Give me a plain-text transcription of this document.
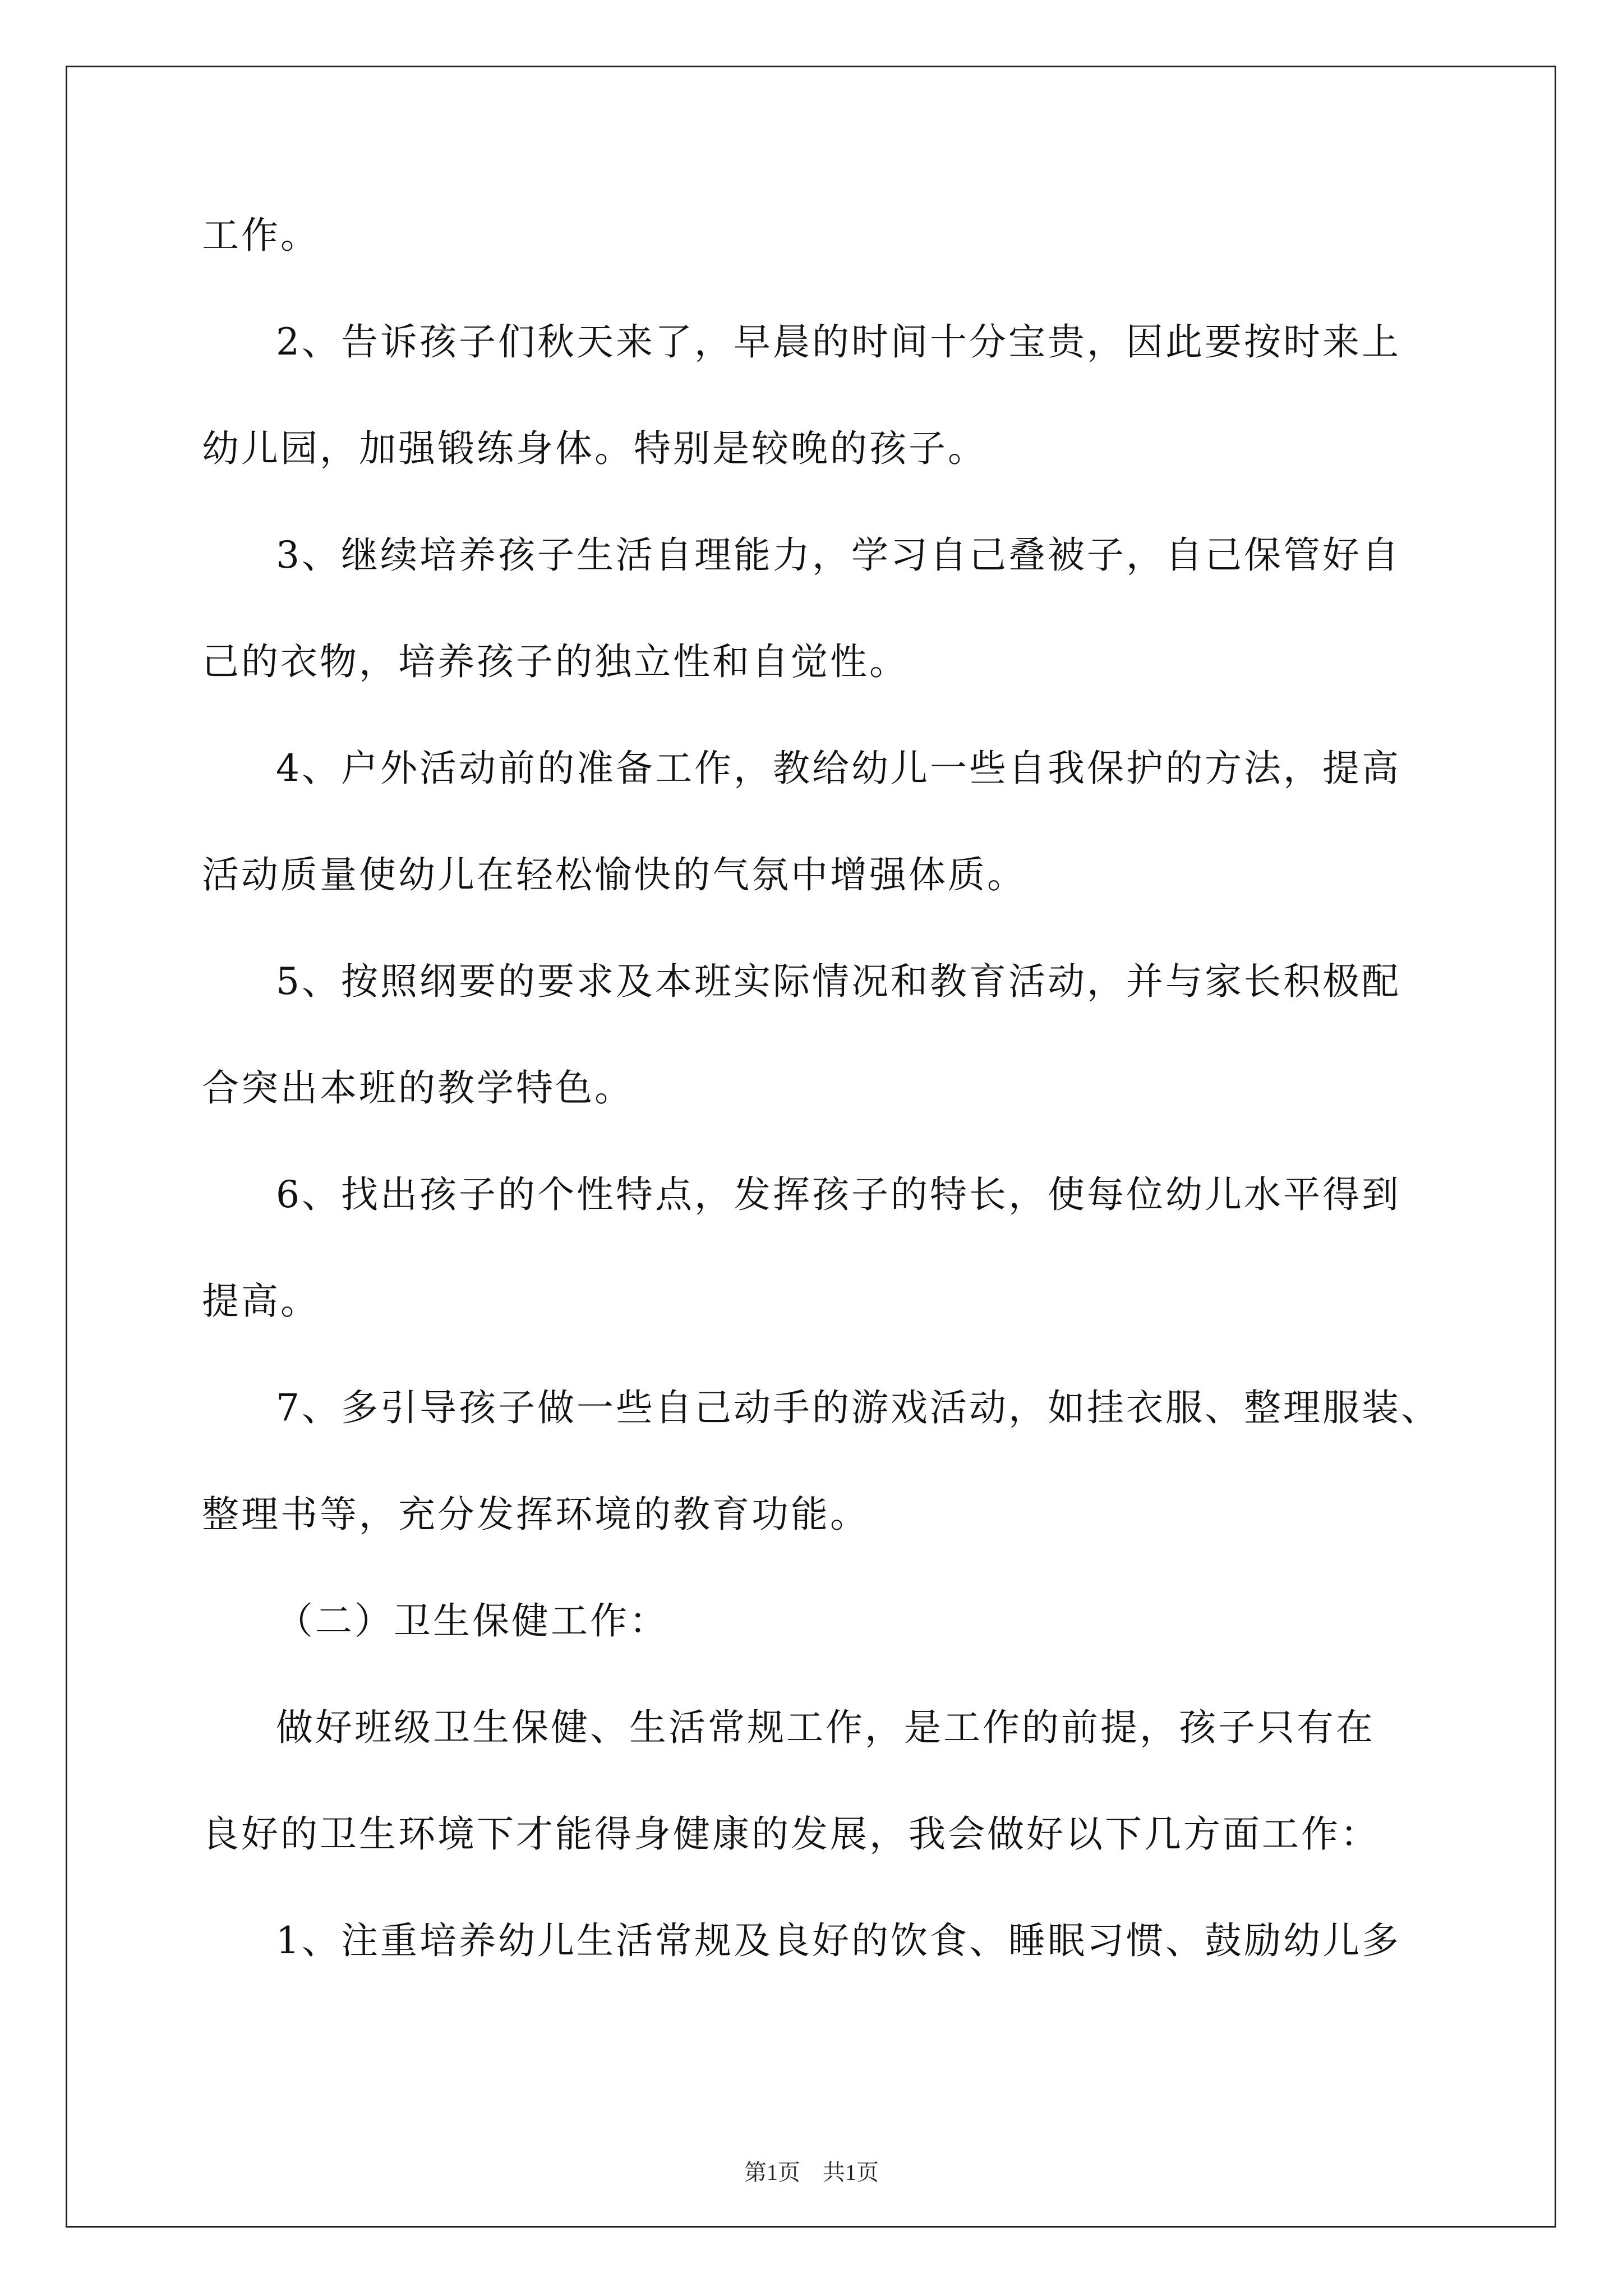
工作。
2、告诉孩子们秋天来了，早晨的时间十分宝贵，因此要按时来上
幼儿园，加强锻练身体。特别是较晚的孩子。
3、继续培养孩子生活自理能力，学习自己叠被子，自己保管好自
己的衣物，培养孩子的独立性和自觉性。
4、户外活动前的准备工作，教给幼儿一些自我保护的方法，提高
活动质量使幼儿在轻松愉快的气氛中增强体质。
5、按照纲要的要求及本班实际情况和教育活动，并与家长积极配
合突出本班的教学特色。
6、找出孩子的个性特点，发挥孩子的特长，使每位幼儿水平得到
提高。
7、多引导孩子做一些自己动手的游戏活动，如挂衣服、整理服装、
整理书等，充分发挥环境的教育功能。
（二）卫生保健工作：
做好班级卫生保健、生活常规工作，是工作的前提，孩子只有在
良好的卫生环境下才能得身健康的发展，我会做好以下几方面工作：
1、注重培养幼儿生活常规及良好的饮食、睡眠习惯、鼓励幼儿多
第1页　共1页
